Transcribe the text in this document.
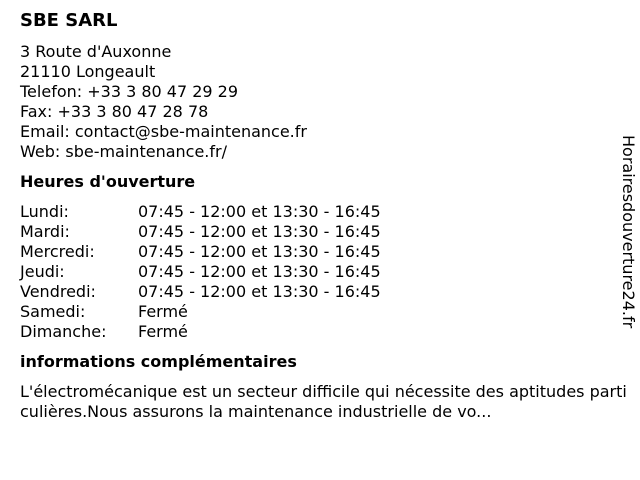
SBE SARL
3 Route d'Auxonne
21110 Longeault
Telefon: +33 3 80 47 29 29
Fax: +33 3 80 47 28 78
Email: contact@sbe-maintenance.fr
Web: sbe-maintenance.fr/
Heures d'ouverture
Lundi:	07:45 - 12:00 et 13:30 - 16:45
Mardi:	07:45 - 12:00 et 13:30 - 16:45
Mercredi:	07:45 - 12:00 et 13:30 - 16:45
Jeudi:	07:45 - 12:00 et 13:30 - 16:45
Vendredi:	07:45 - 12:00 et 13:30 - 16:45
Samedi:	Fermé
Dimanche:	Fermé
informations complémentaires
L'électromécanique est un secteur difficile qui nécessite des aptitudes particulières.Nous assurons la maintenance industrielle de vo...
Horairesdouverture24.fr
